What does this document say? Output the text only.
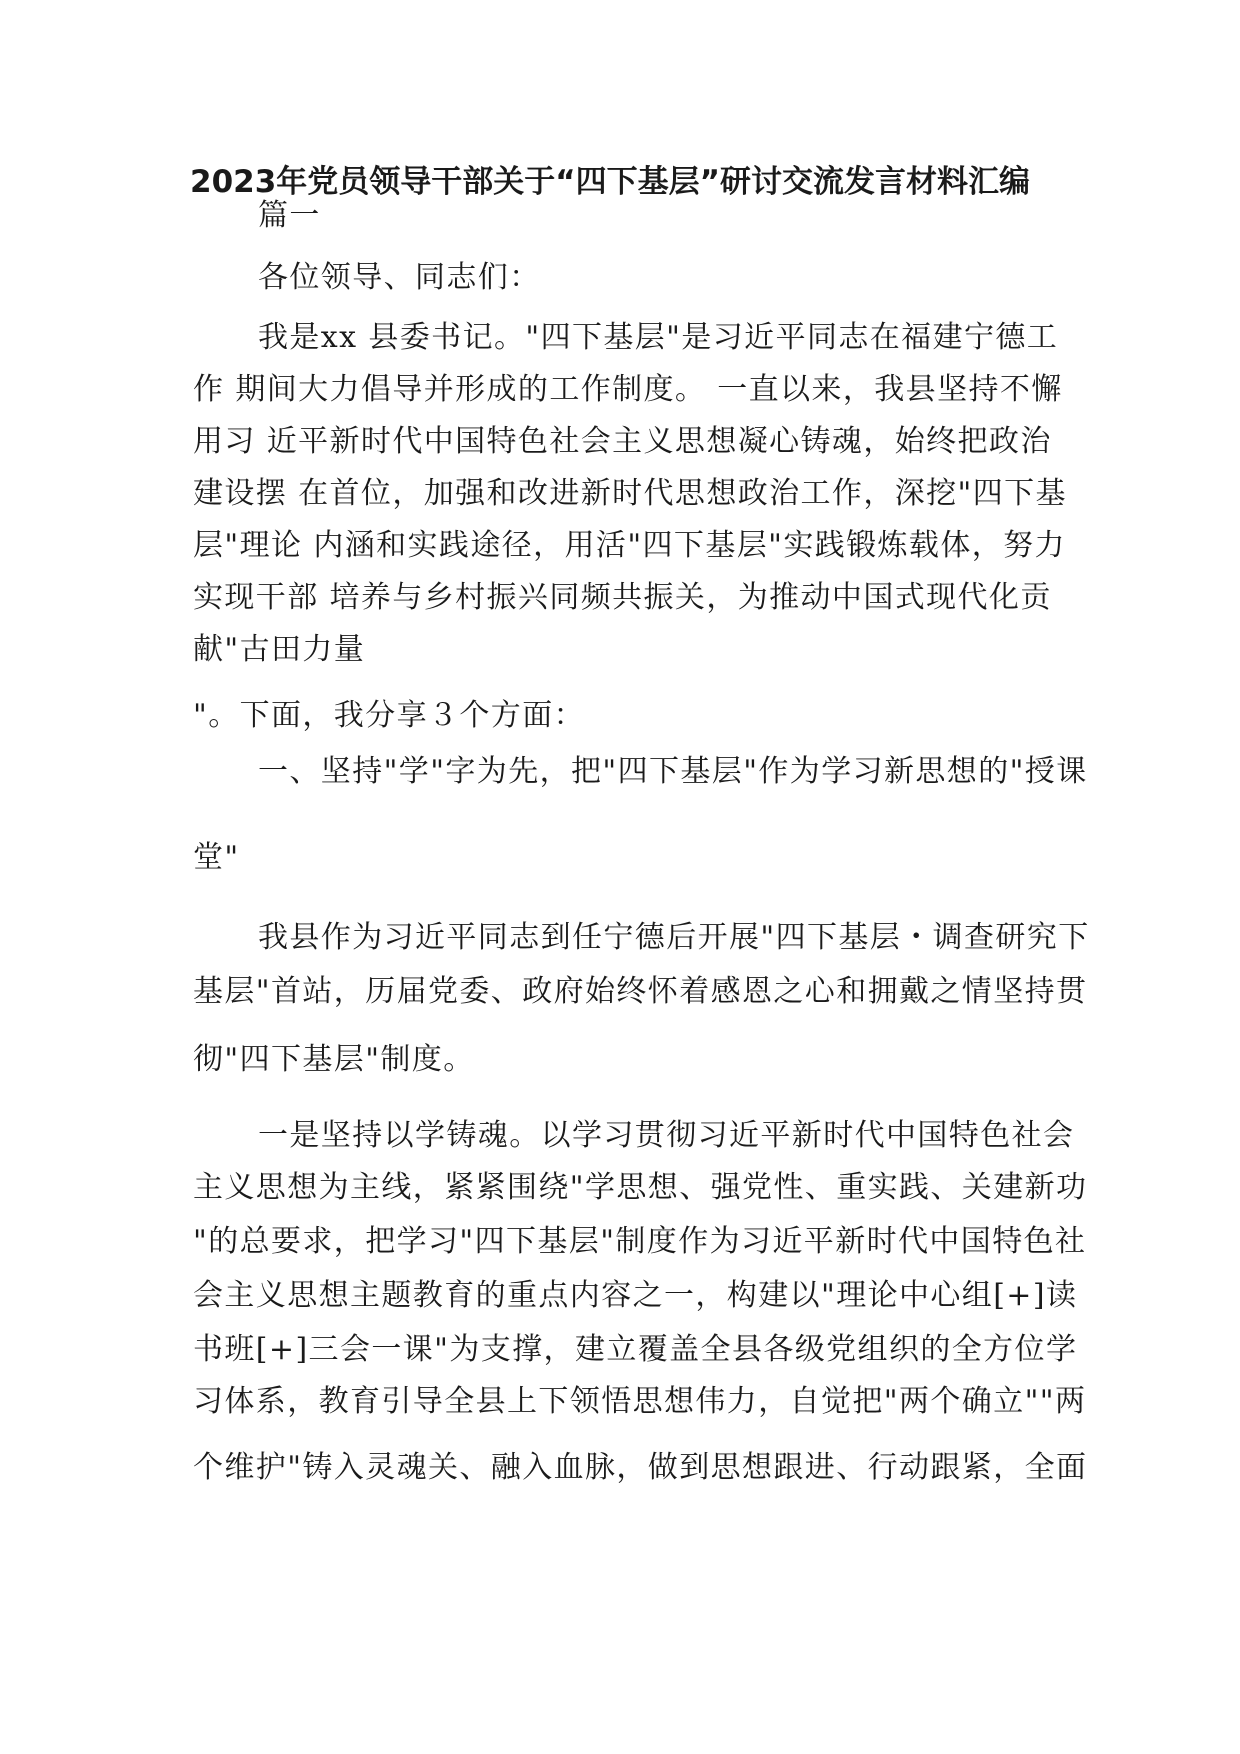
2023年党员领导干部关于“四下基层”研讨交流发言材料汇编
篇一
各位领导、同志们：
我是xx 县委书记。"四下基层"是习近平同志在福建宁德工
作 期间大力倡导并形成的工作制度。 一直以来，我县坚持不懈
用习 近平新时代中国特色社会主义思想凝心铸魂，始终把政治
建设摆 在首位，加强和改进新时代思想政治工作，深挖"四下基
层"理论 内涵和实践途径，用活"四下基层"实践锻炼载体，努力
实现干部 培养与乡村振兴同频共振关，为推动中国式现代化贡
献"古田力量
"。下面，我分享３个方面：
一、坚持"学"字为先，把"四下基层"作为学习新思想的"授课
堂"
我县作为习近平同志到任宁德后开展"四下基层・调查研究下
基层"首站，历届党委、政府始终怀着感恩之心和拥戴之情坚持贯
彻"四下基层"制度。
一是坚持以学铸魂。以学习贯彻习近平新时代中国特色社会
主义思想为主线，紧紧围绕"学思想、强党性、重实践、关建新功
"的总要求，把学习"四下基层"制度作为习近平新时代中国特色社
会主义思想主题教育的重点内容之一，构建以"理论中心组[+]读
书班[+]三会一课"为支撑，建立覆盖全县各级党组织的全方位学
习体系，教育引导全县上下领悟思想伟力，自觉把"两个确立""两
个维护"铸入灵魂关、融入血脉，做到思想跟进、行动跟紧，全面
